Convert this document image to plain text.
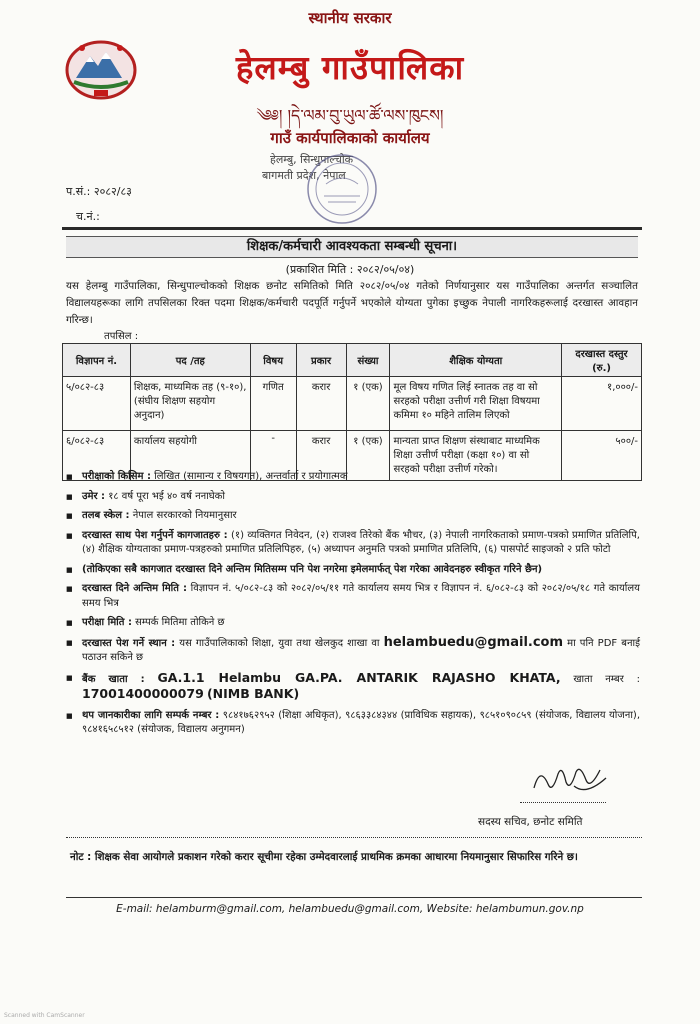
स्थानीय सरकार
हेलम्बु गाउँपालिका
༄༅། །དེ་ལམ་བུ་ཡུལ་ཚོ་ལས་ཁུངས།
गाउँ कार्यपालिकाको कार्यालय
हेलम्बु, सिन्धुपाल्चोक
बागमती प्रदेश, नेपाल
प.सं.: २०८२/८३
च.नं.:
शिक्षक/कर्मचारी आवश्यकता सम्बन्धी सूचना।
(प्रकाशित मिति : २०८२/०५/०४)
यस हेलम्बु गाउँपालिका, सिन्धुपाल्चोकको शिक्षक छनोट समितिको मिति २०८२/०५/०४ गतेको निर्णयानुसार यस गाउँपालिका अन्तर्गत सञ्चालित विद्यालयहरूका लागि तपसिलका रिक्त पदमा शिक्षक/कर्मचारी पदपूर्ति गर्नुपर्ने भएकोले योग्यता पुगेका इच्छुक नेपाली नागरिकहरूलाई दरखास्त आवहान गरिन्छ।
तपसिल :
विज्ञापन नं.	पद /तह	विषय	प्रकार	संख्या	शैक्षिक योग्यता	दरखास्त दस्तुर (रु.)
५/०८२-८३	शिक्षक, माध्यमिक तह (९-१०), (संघीय शिक्षण सहयोग अनुदान)	गणित	करार	१ (एक)	मूल विषय गणित लिई स्नातक तह वा सो सरहको परीक्षा उत्तीर्ण गरी शिक्षा विषयमा कमिमा १० महिने तालिम लिएको	१,०००/-
६/०८२-८३	कार्यालय सहयोगी	-	करार	१ (एक)	मान्यता प्राप्त शिक्षण संस्थाबाट माध्यमिक शिक्षा उत्तीर्ण परीक्षा (कक्षा १०) वा सो सरहको परीक्षा उत्तीर्ण गरेको।	५००/-
■ परीक्षाको किसिम : लिखित (सामान्य र विषयगत), अन्तर्वार्ता र प्रयोगात्मक
■ उमेर : १८ वर्ष पूरा भई ४० वर्ष ननाघेको
■ तलब स्केल : नेपाल सरकारको नियमानुसार
■ दरखास्त साथ पेश गर्नुपर्ने कागजातहरु : (१) व्यक्तिगत निवेदन, (२) राजश्व तिरेको बैंक भौचर, (३) नेपाली नागरिकताको प्रमाण-पत्रको प्रमाणित प्रतिलिपि, (४) शैक्षिक योग्यताका प्रमाण-पत्रहरुको प्रमाणित प्रतिलिपिहरु, (५) अध्यापन अनुमति पत्रको प्रमाणित प्रतिलिपि, (६) पासपोर्ट साइजको २ प्रति फोटो
■ (तोकिएका सबै कागजात दरखास्त दिने अन्तिम मितिसम्म पनि पेश नगरेमा इमेलमार्फत् पेश गरेका आवेदनहरु स्वीकृत गरिने छैन)
■ दरखास्त दिने अन्तिम मिति : विज्ञापन नं. ५/०८२-८३ को २०८२/०५/११ गते कार्यालय समय भित्र र विज्ञापन नं. ६/०८२-८३ को २०८२/०५/१८ गते कार्यालय समय भित्र
■ परीक्षा मिति : सम्पर्क मितिमा तोकिने छ
■ दरखास्त पेश गर्ने स्थान : यस गाउँपालिकाको शिक्षा, युवा तथा खेलकुद शाखा वा helambuedu@gmail.com मा पनि PDF बनाई पठाउन सकिने छ
■ बैंक खाता : GA.1.1 Helambu GA.PA. ANTARIK RAJASHO KHATA, खाता नम्बर : 17001400000079 (NIMB BANK)
■ थप जानकारीका लागि सम्पर्क नम्बर : ९८४१७६२९५२ (शिक्षा अधिकृत), ९८६३३८४३४४ (प्राविधिक सहायक), ९८५१०९०८५९ (संयोजक, विद्यालय योजना), ९८४१६५८५१२ (संयोजक, विद्यालय अनुगमन)
सदस्य सचिव, छनोट समिति
नोट : शिक्षक सेवा आयोगले प्रकाशन गरेको करार सूचीमा रहेका उम्मेदवारलाई प्राथमिक क्रमका आधारमा नियमानुसार सिफारिस गरिने छ।
E-mail: helamburm@gmail.com, helambuedu@gmail.com, Website: helambumun.gov.np
Scanned with CamScanner
